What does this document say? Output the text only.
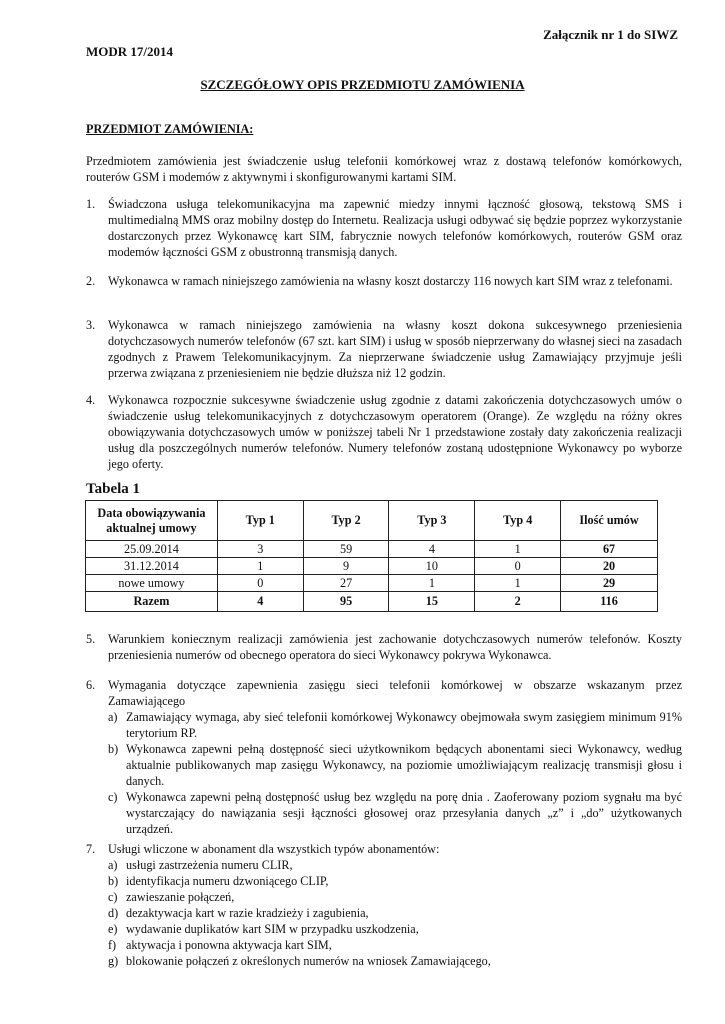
Załącznik nr 1 do SIWZ
MODR 17/2014
SZCZEGÓŁOWY OPIS PRZEDMIOTU ZAMÓWIENIA
PRZEDMIOT ZAMÓWIENIA:
Przedmiotem zamówienia jest świadczenie usług telefonii komórkowej wraz z dostawą telefonów komórkowych, routerów GSM i modemów z aktywnymi i skonfigurowanymi kartami SIM.
1. Świadczona usługa telekomunikacyjna ma zapewnić miedzy innymi łączność głosową, tekstową SMS i multimedialną MMS oraz mobilny dostęp do Internetu. Realizacja usługi odbywać się będzie poprzez wykorzystanie dostarczonych przez Wykonawcę kart SIM, fabrycznie nowych telefonów komórkowych, routerów GSM oraz modemów łączności GSM z obustronną transmisją danych.
2. Wykonawca w ramach niniejszego zamówienia na własny koszt dostarczy 116 nowych kart SIM wraz z telefonami.
3. Wykonawca w ramach niniejszego zamówienia na własny koszt dokona sukcesywnego przeniesienia dotychczasowych numerów telefonów (67 szt. kart SIM) i usług w sposób nieprzerwany do własnej sieci na zasadach zgodnych z Prawem Telekomunikacyjnym. Za nieprzerwane świadczenie usług Zamawiający przyjmuje jeśli przerwa związana z przeniesieniem nie będzie dłuższa niż 12 godzin.
4. Wykonawca rozpocznie sukcesywne świadczenie usług zgodnie z datami zakończenia dotychczasowych umów o świadczenie usług telekomunikacyjnych z dotychczasowym operatorem (Orange). Ze względu na różny okres obowiązywania dotychczasowych umów w poniższej tabeli Nr 1 przedstawione zostały daty zakończenia realizacji usług dla poszczególnych numerów telefonów. Numery telefonów zostaną udostępnione Wykonawcy po wyborze jego oferty.
Tabela 1
Data obowiązywania aktualnej umowy	Typ 1	Typ 2	Typ 3	Typ 4	Ilość umów
25.09.2014	3	59	4	1	67
31.12.2014	1	9	10	0	20
nowe umowy	0	27	1	1	29
Razem	4	95	15	2	116
5. Warunkiem koniecznym realizacji zamówienia jest zachowanie dotychczasowych numerów telefonów. Koszty przeniesienia numerów od obecnego operatora do sieci Wykonawcy pokrywa Wykonawca.
6. Wymagania dotyczące zapewnienia zasięgu sieci telefonii komórkowej w obszarze wskazanym przez Zamawiającego
a) Zamawiający wymaga, aby sieć telefonii komórkowej Wykonawcy obejmowała swym zasięgiem minimum 91% terytorium RP.
b) Wykonawca zapewni pełną dostępność sieci użytkownikom będących abonentami sieci Wykonawcy, według aktualnie publikowanych map zasięgu Wykonawcy, na poziomie umożliwiającym realizację transmisji głosu i danych.
c) Wykonawca zapewni pełną dostępność usług bez względu na porę dnia . Zaoferowany poziom sygnału ma być wystarczający do nawiązania sesji łączności głosowej oraz przesyłania danych „z” i „do” użytkowanych urządzeń.
7. Usługi wliczone w abonament dla wszystkich typów abonamentów:
a) usługi zastrzeżenia numeru CLIR,
b) identyfikacja numeru dzwoniącego CLIP,
c) zawieszanie połączeń,
d) dezaktywacja kart w razie kradzieży i zagubienia,
e) wydawanie duplikatów kart SIM w przypadku uszkodzenia,
f) aktywacja i ponowna aktywacja kart SIM,
g) blokowanie połączeń z określonych numerów na wniosek Zamawiającego,
